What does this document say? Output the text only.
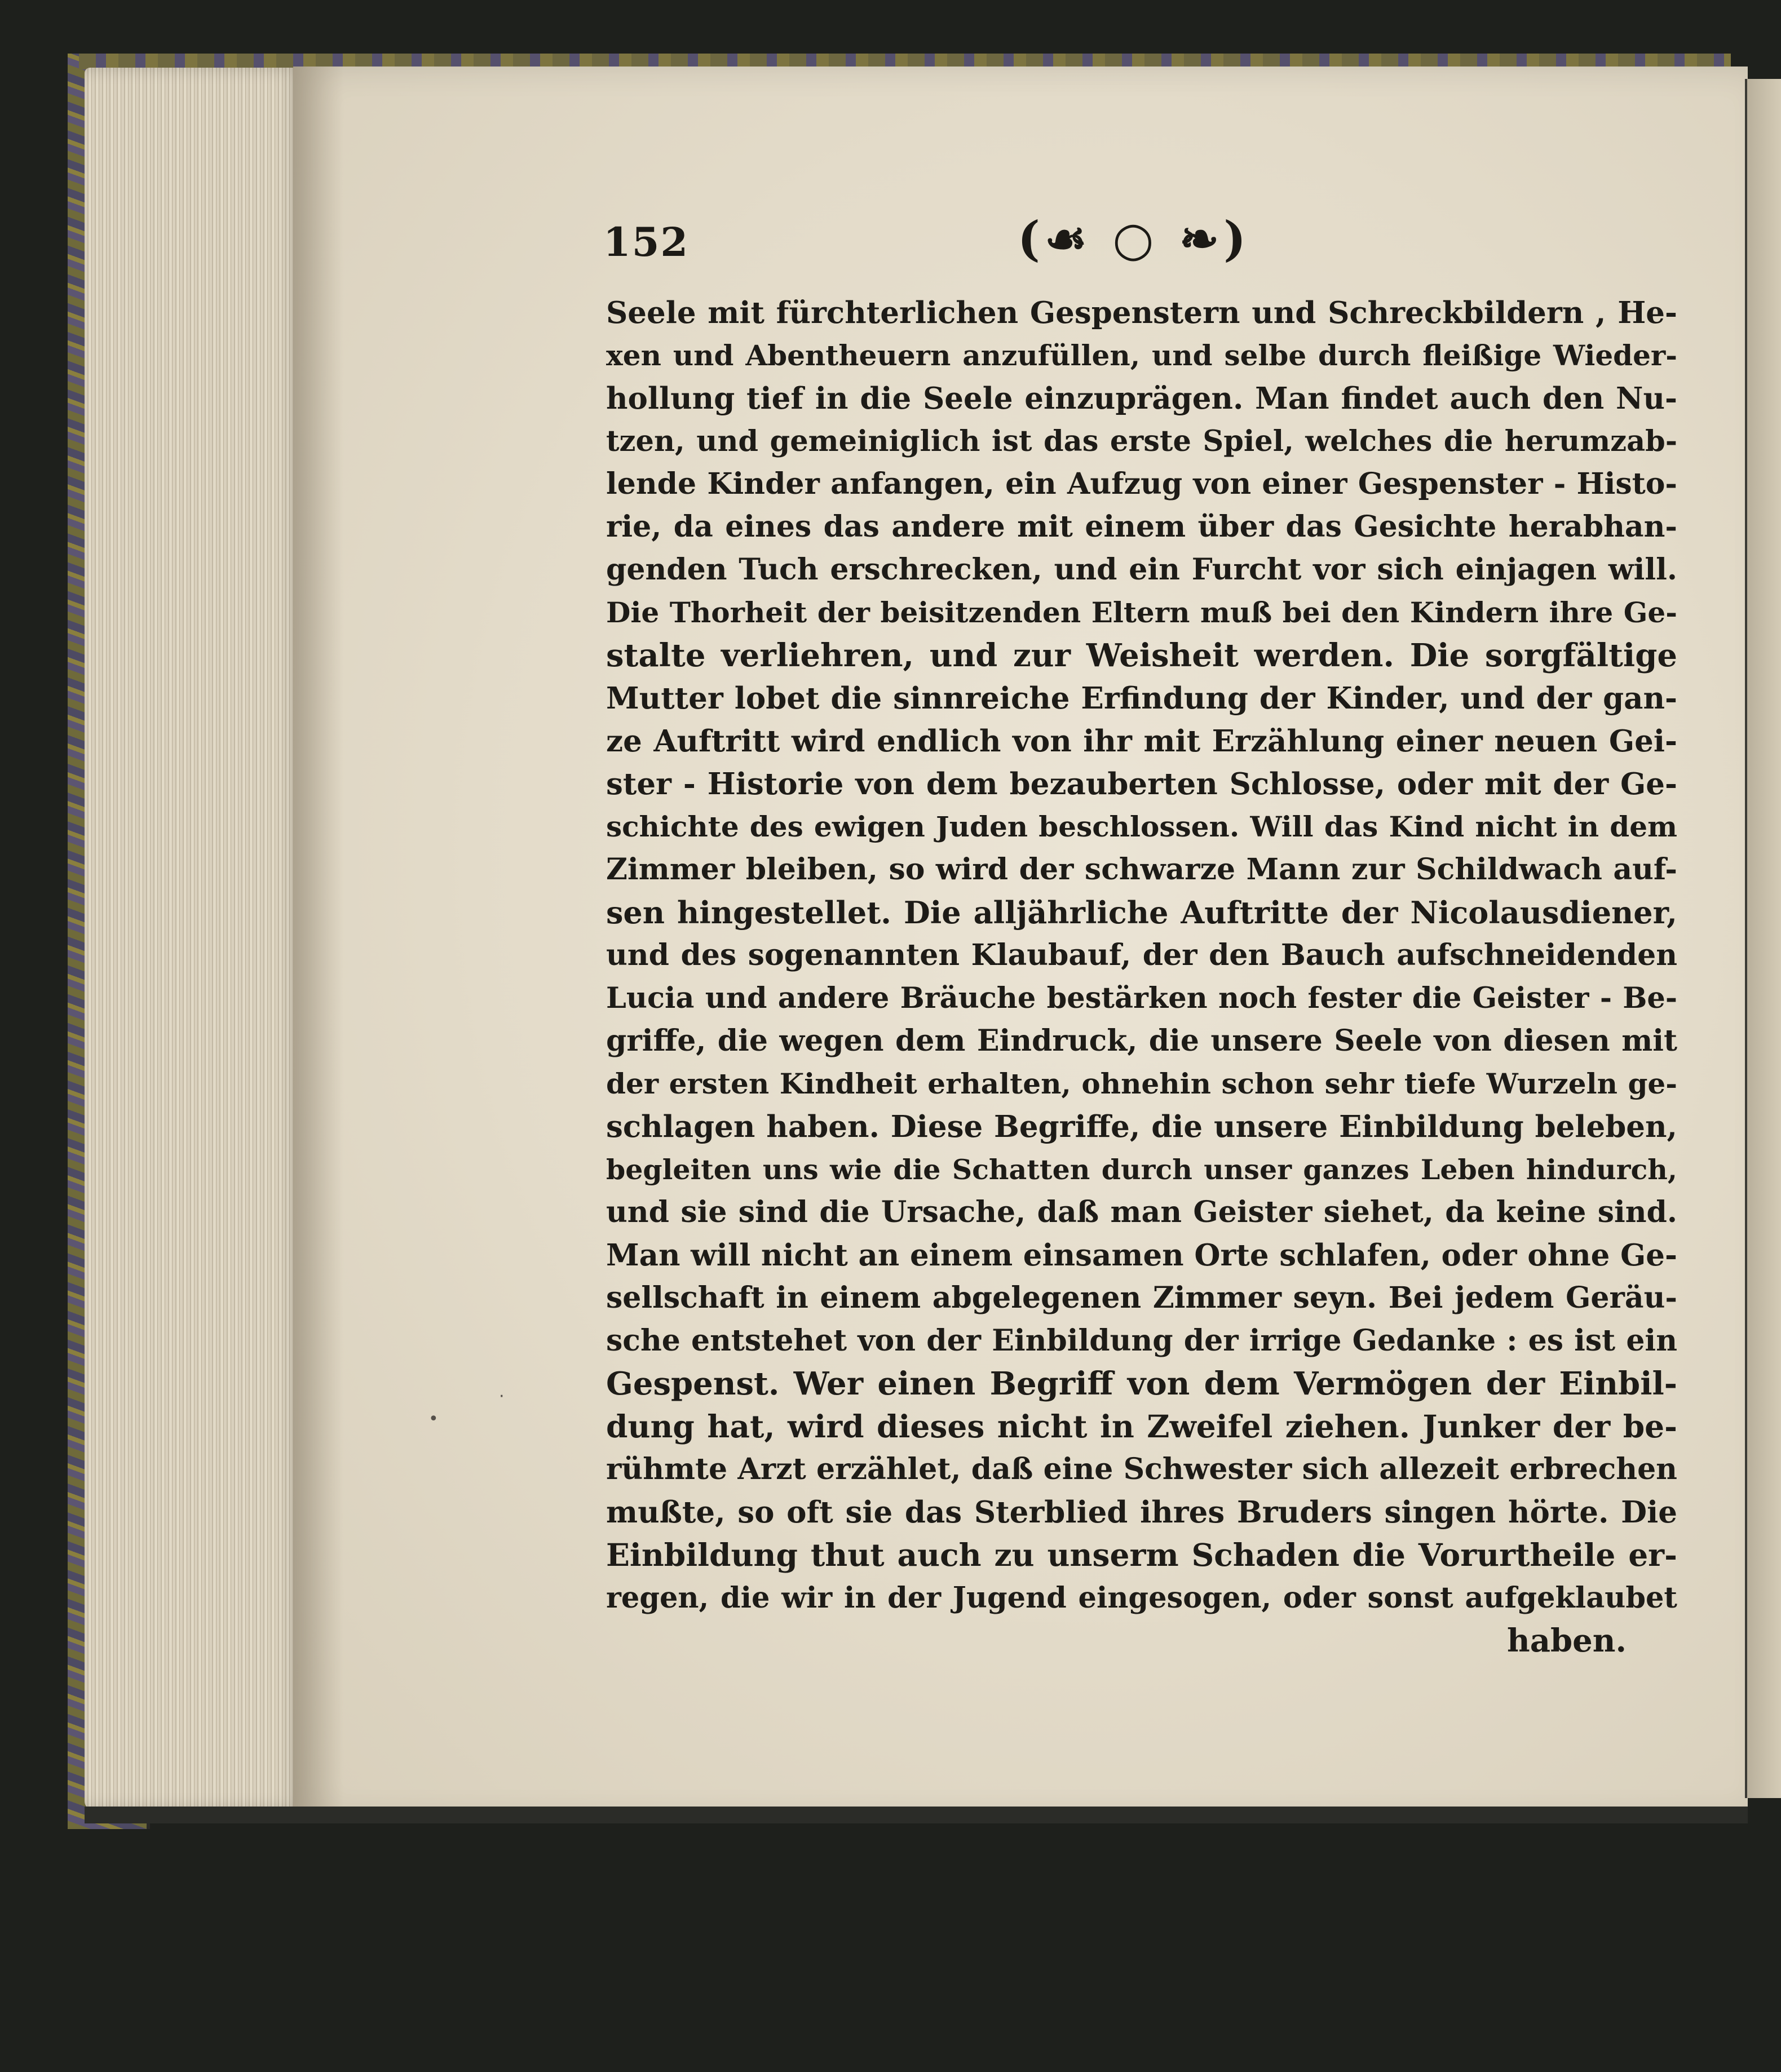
152	(☙ ○ ❧)
Seele mit fürchterlichen Gespenstern und Schreckbildern , He-
xen und Abentheuern anzufüllen, und selbe durch fleißige Wieder-
hollung tief in die Seele einzuprägen. Man findet auch den Nu-
tzen, und gemeiniglich ist das erste Spiel, welches die herumzab-
lende Kinder anfangen, ein Aufzug von einer Gespenster - Histo-
rie, da eines das andere mit einem über das Gesichte herabhan-
genden Tuch erschrecken, und ein Furcht vor sich einjagen will.
Die Thorheit der beisitzenden Eltern muß bei den Kindern ihre Ge-
stalte verliehren, und zur Weisheit werden. Die sorgfältige
Mutter lobet die sinnreiche Erfindung der Kinder, und der gan-
ze Auftritt wird endlich von ihr mit Erzählung einer neuen Gei-
ster - Historie von dem bezauberten Schlosse, oder mit der Ge-
schichte des ewigen Juden beschlossen. Will das Kind nicht in dem
Zimmer bleiben, so wird der schwarze Mann zur Schildwach auf-
sen hingestellet. Die alljährliche Auftritte der Nicolausdiener,
und des sogenannten Klaubauf, der den Bauch aufschneidenden
Lucia und andere Bräuche bestärken noch fester die Geister - Be-
griffe, die wegen dem Eindruck, die unsere Seele von diesen mit
der ersten Kindheit erhalten, ohnehin schon sehr tiefe Wurzeln ge-
schlagen haben. Diese Begriffe, die unsere Einbildung beleben,
begleiten uns wie die Schatten durch unser ganzes Leben hindurch,
und sie sind die Ursache, daß man Geister siehet, da keine sind.
Man will nicht an einem einsamen Orte schlafen, oder ohne Ge-
sellschaft in einem abgelegenen Zimmer seyn. Bei jedem Geräu-
sche entstehet von der Einbildung der irrige Gedanke : es ist ein
Gespenst. Wer einen Begriff von dem Vermögen der Einbil-
dung hat, wird dieses nicht in Zweifel ziehen. Junker der be-
rühmte Arzt erzählet, daß eine Schwester sich allezeit erbrechen
mußte, so oft sie das Sterblied ihres Bruders singen hörte. Die
Einbildung thut auch zu unserm Schaden die Vorurtheile er-
regen, die wir in der Jugend eingesogen, oder sonst aufgeklaubet
haben.
·
•
